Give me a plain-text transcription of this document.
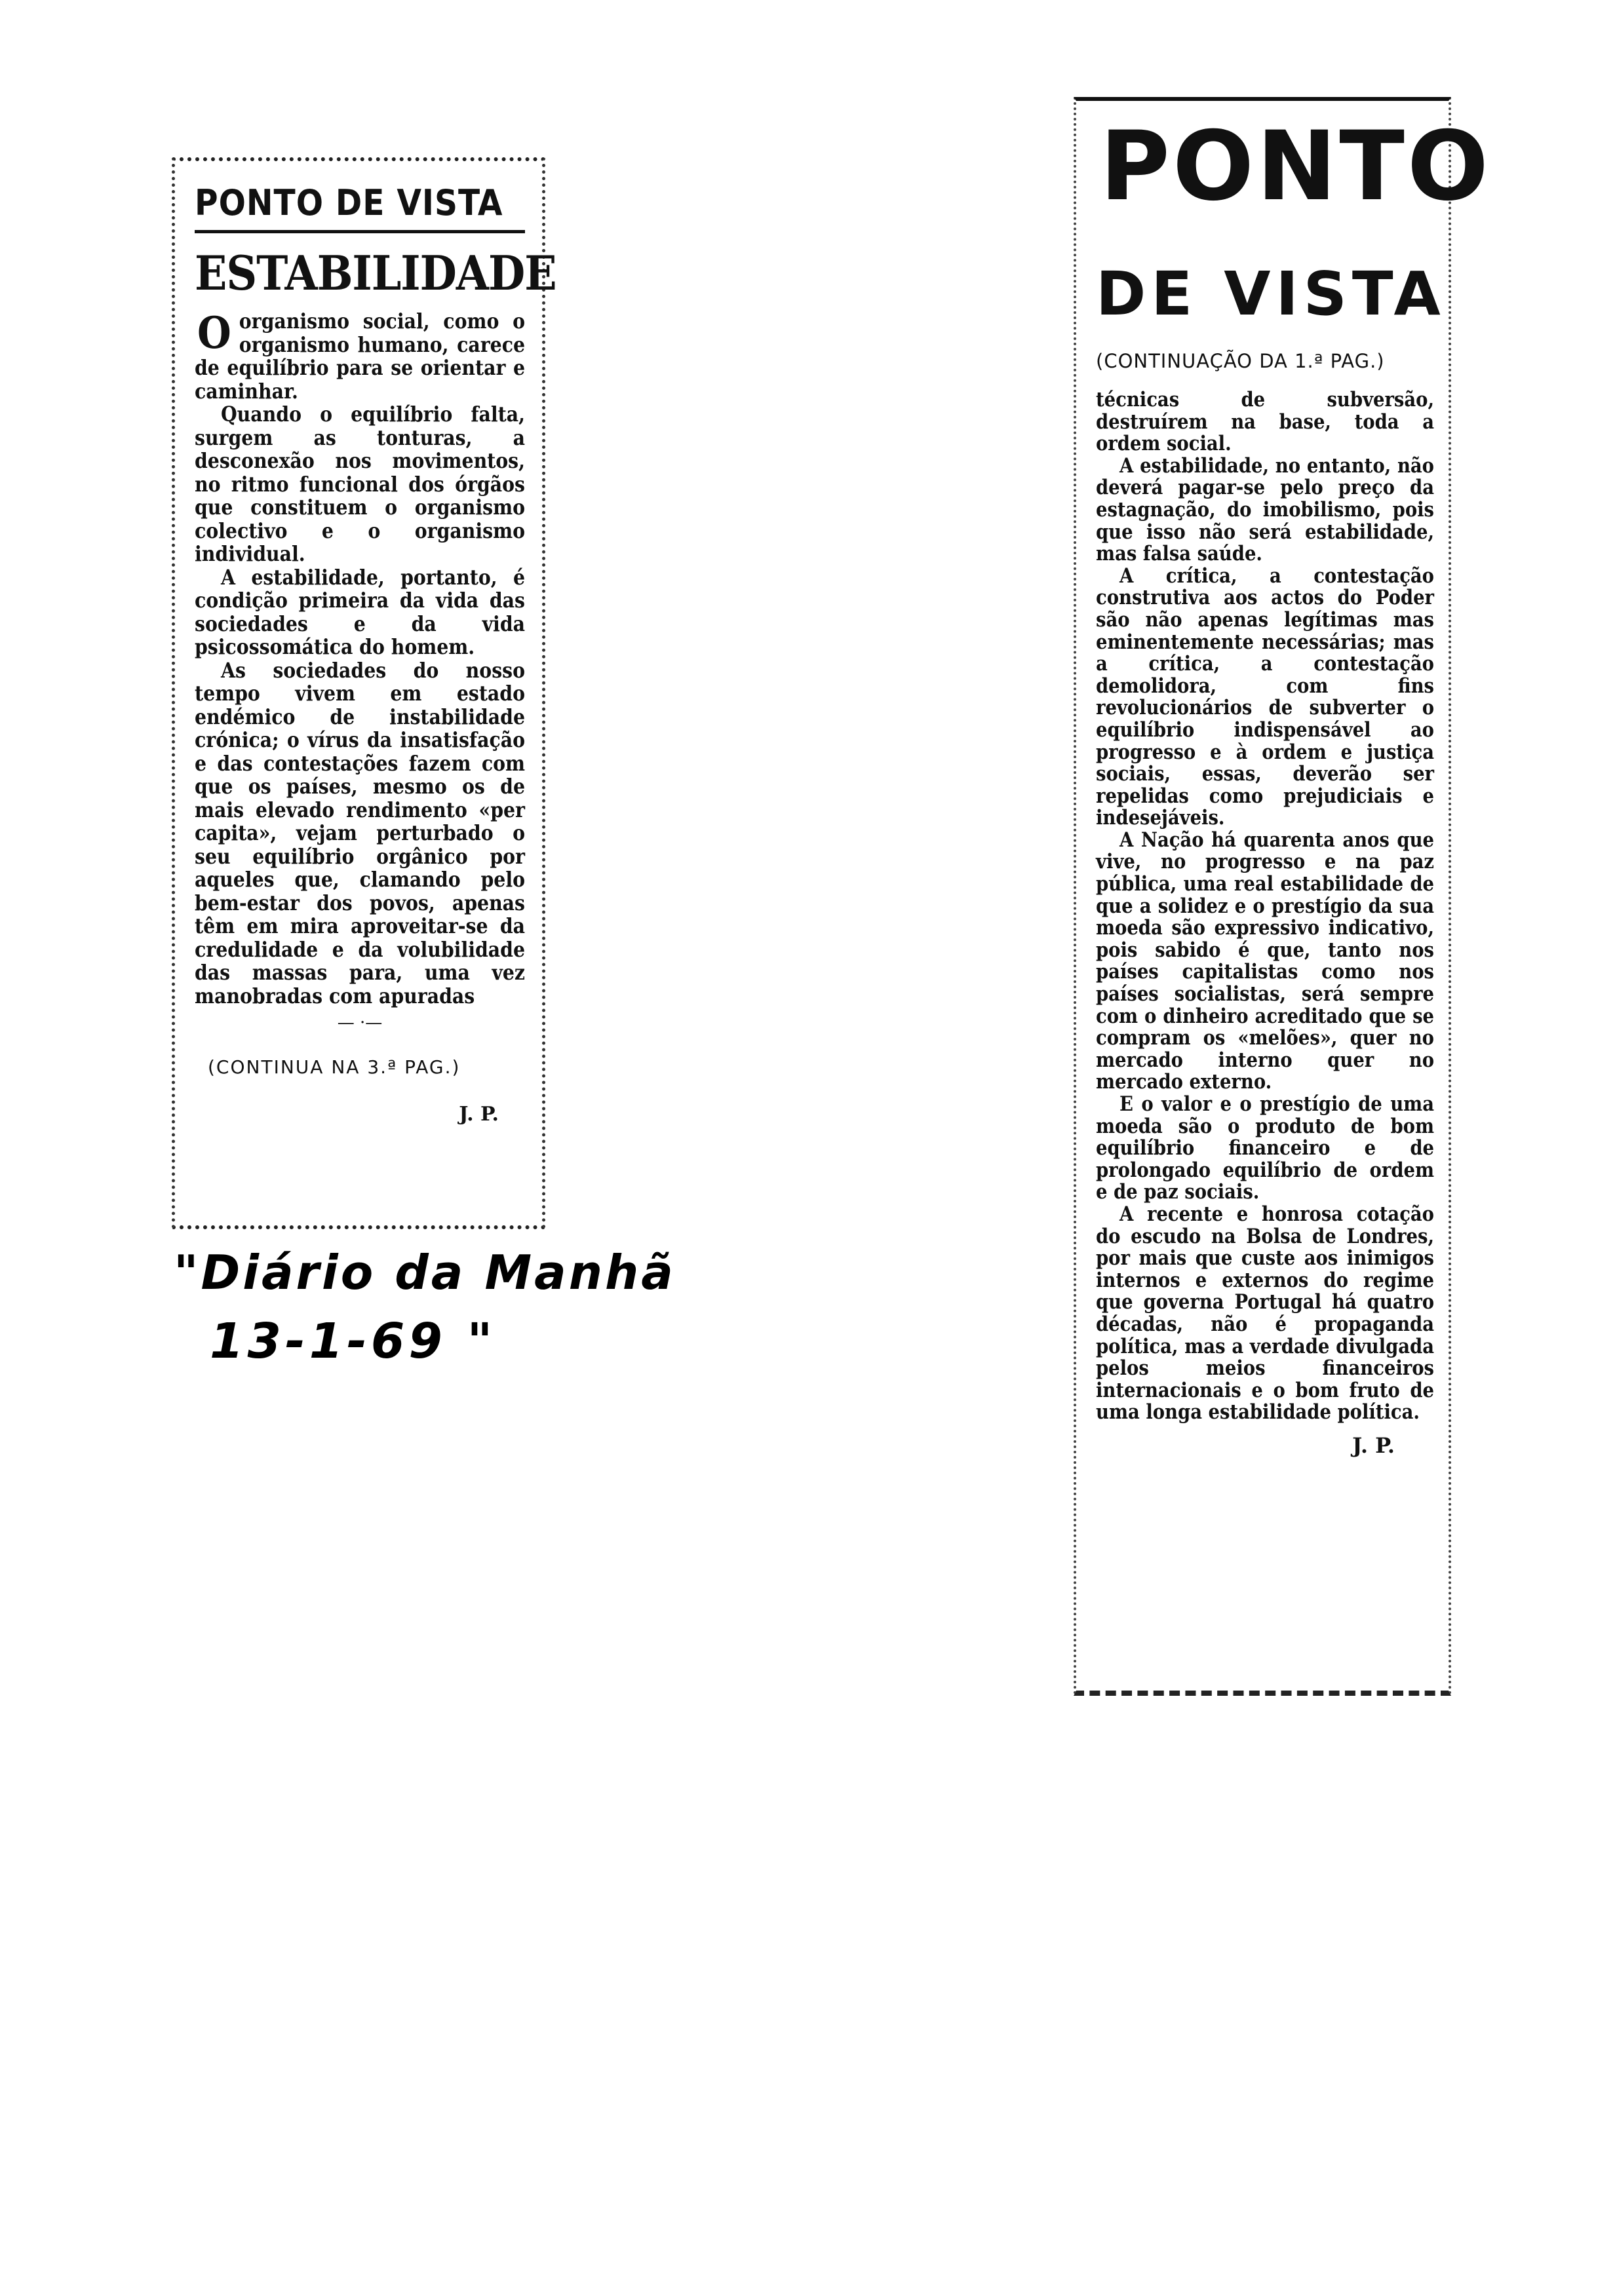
PONTO DE VISTA
ESTABILIDADE

Oorganismo social, como o organismo humano, carece de equilíbrio para se orientar e caminhar.

Quando o equilíbrio falta, surgem as tonturas, a desconexão nos movimentos, no ritmo funcional dos órgãos que constituem o organismo colectivo e o organismo individual.

A estabilidade, portanto, é condição primeira da vida das sociedades e da vida psicossomática do homem.

As sociedades do nosso tempo vivem em estado endémico de instabilidade crónica; o vírus da insatisfação e das contestações fazem com que os países, mesmo os de mais elevado rendimento «per capita», vejam perturbado o seu equilíbrio orgânico por aqueles que, clamando pelo bem-estar dos povos, apenas têm em mira aproveitar-se da credulidade e da volubilidade das massas para, uma vez manobradas com apuradas

— ·—
(CONTINUA NA 3.ª PAG.)
J. P.
"Diário da Manhã
13-1-69 "
PONTO
DE VISTA
(CONTINUAÇÃO DA 1.ª PAG.)

técnicas de subversão, destruírem na base, toda a ordem social.

A estabilidade, no entanto, não deverá pagar-se pelo preço da estagnação, do imobilismo, pois que isso não será estabilidade, mas falsa saúde.

A crítica, a contestação construtiva aos actos do Poder são não apenas legítimas mas eminentemente necessárias; mas a crítica, a contestação demolidora, com fins revolucionários de subverter o equilíbrio indispensável ao progresso e à ordem e justiça sociais, essas, deverão ser repelidas como prejudiciais e indesejáveis.

A Nação há quarenta anos que vive, no progresso e na paz pública, uma real estabilidade de que a solidez e o prestígio da sua moeda são expressivo indicativo, pois sabido é que, tanto nos países capitalistas como nos países socialistas, será sempre com o dinheiro acreditado que se compram os «melões», quer no mercado interno quer no mercado externo.

E o valor e o prestígio de uma moeda são o produto de bom equilíbrio financeiro e de prolongado equilíbrio de ordem e de paz sociais.

A recente e honrosa cotação do escudo na Bolsa de Londres, por mais que custe aos inimigos internos e externos do regime que governa Portugal há quatro décadas, não é propaganda política, mas a verdade divulgada pelos meios financeiros internacionais e o bom fruto de uma longa estabilidade política.

J. P.
